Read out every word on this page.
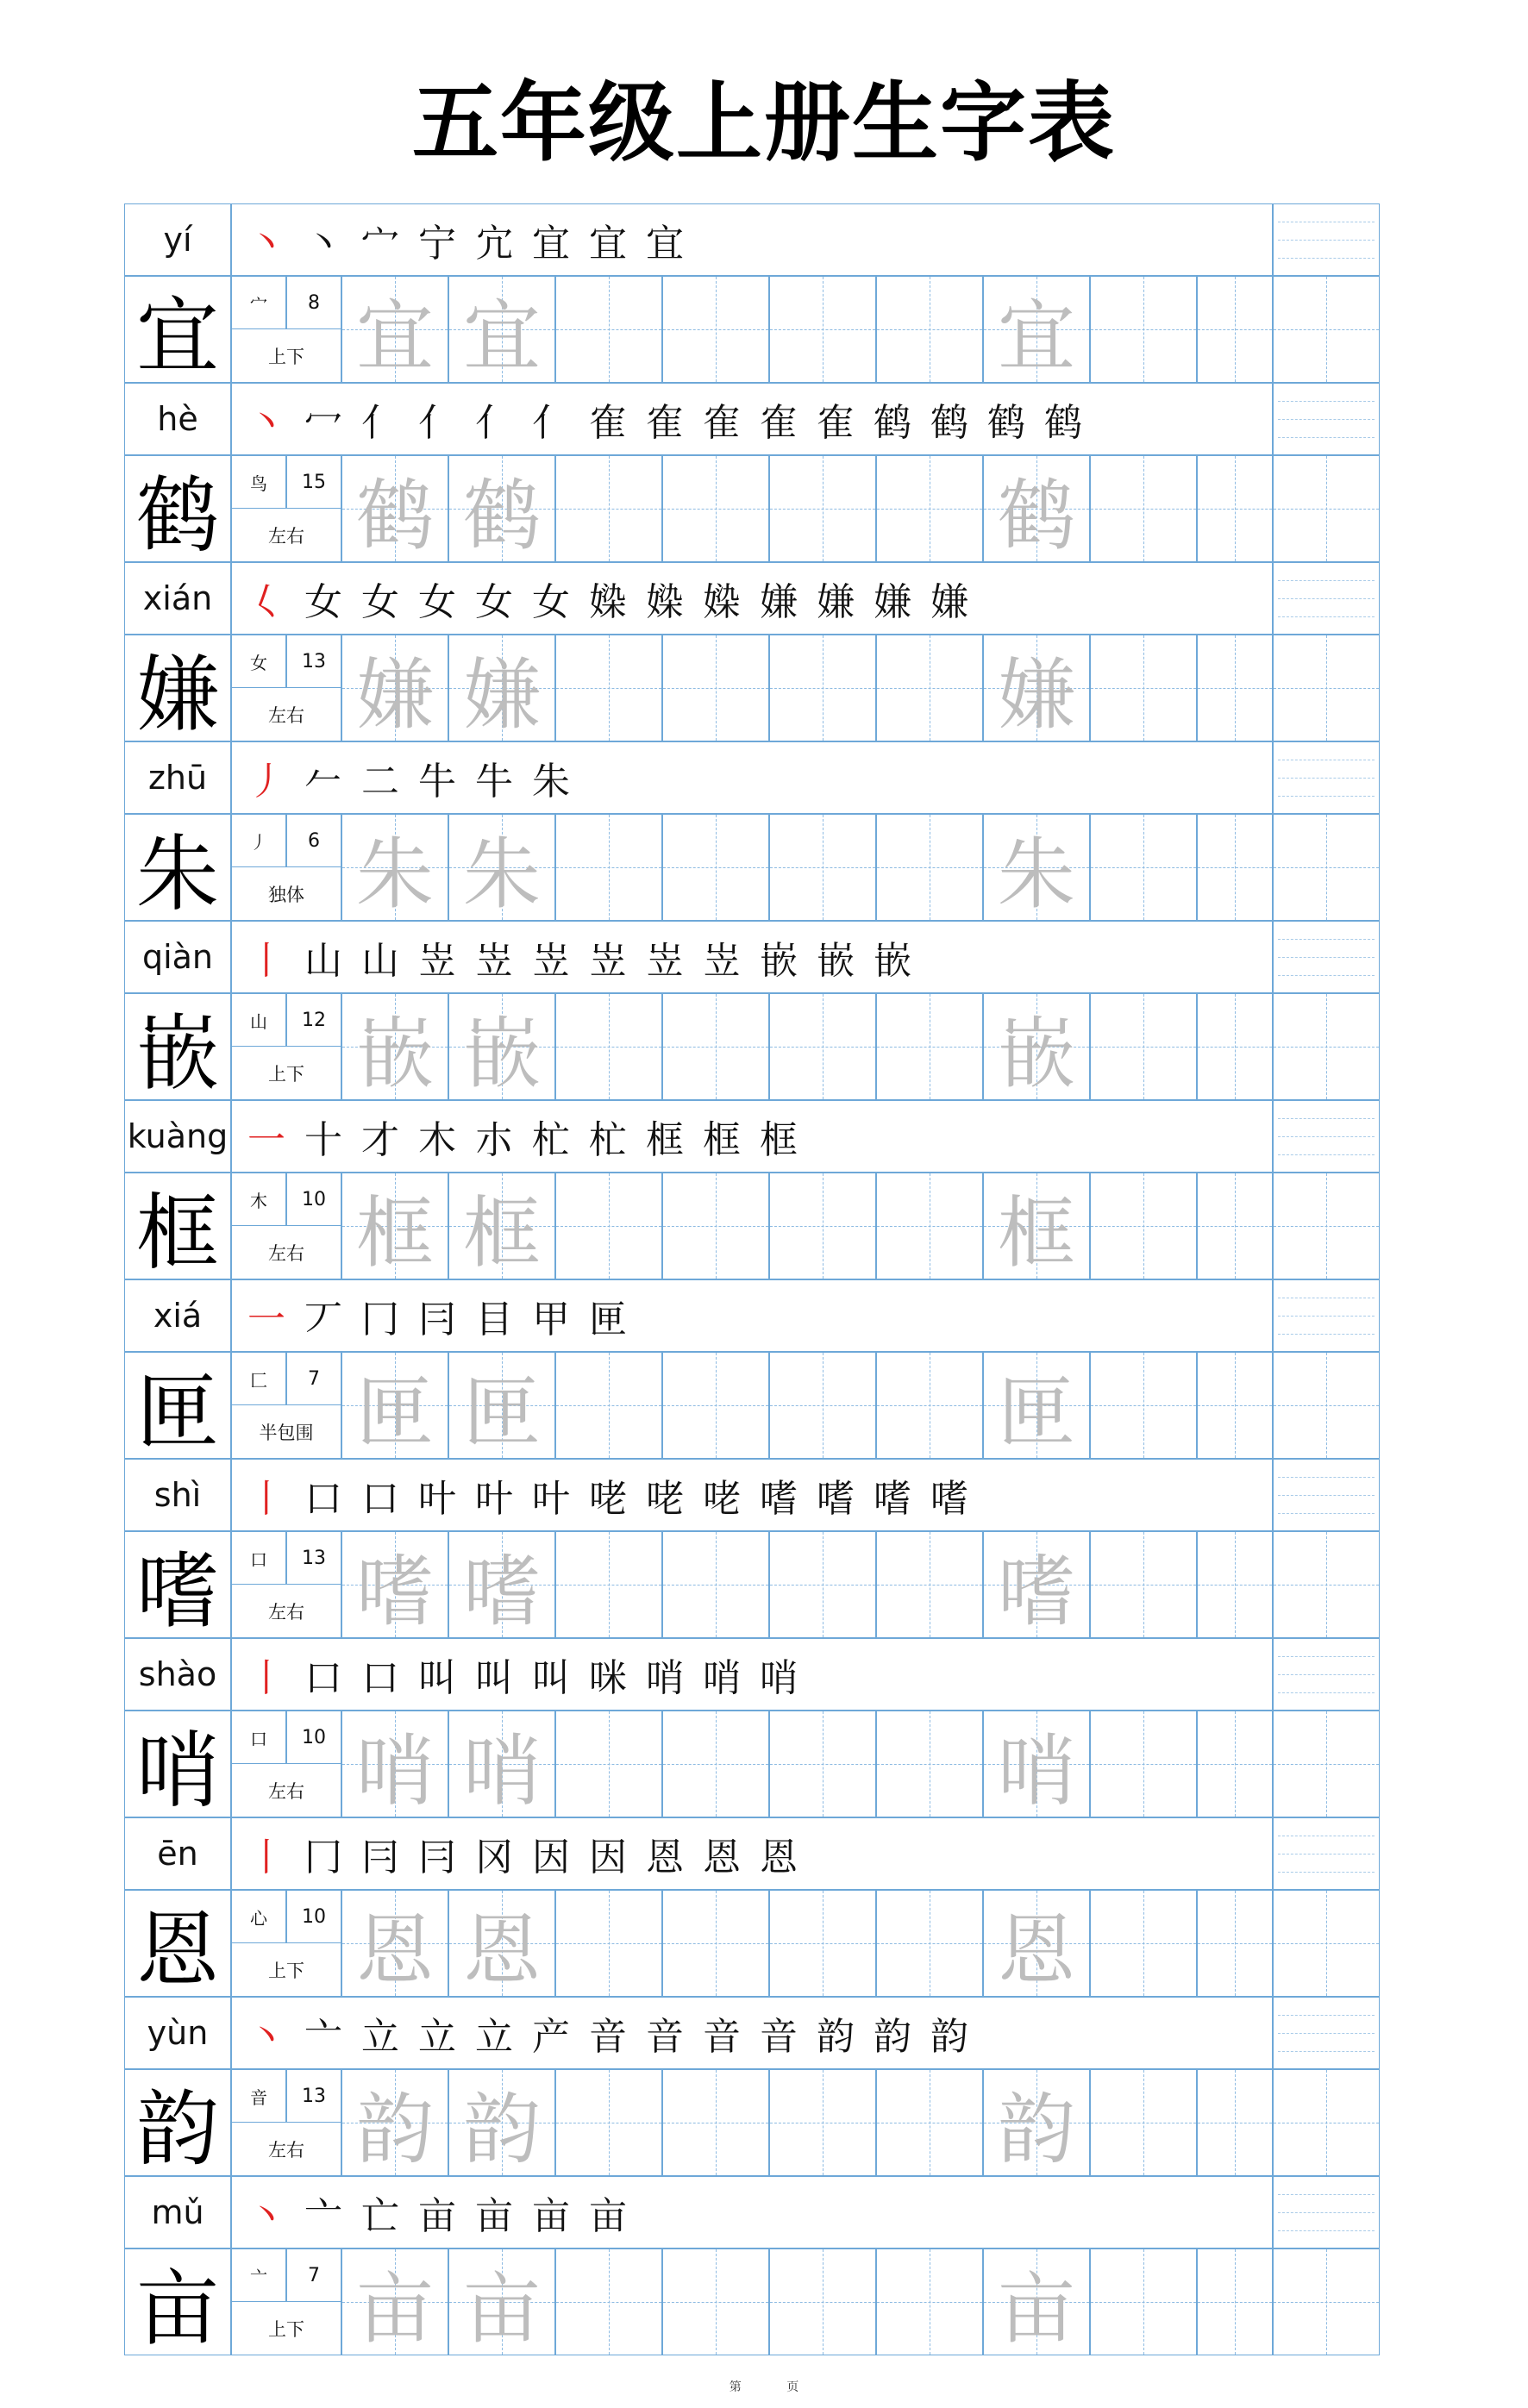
五年级上册生字表
yí	丶 丶 宀 宁 宂 宜 宜 宜
宜	宀	8
上下 宜 宜	宜
hè	丶 冖 亻 亻 亻 亻 隺 隺 隺 隺 隺 鹤 鹤 鹤 鹤
鹤	鸟	15
左右 鹤 鹤	鹤
xián 𡿨 女 女 女 女 女 媣 媣 媣 嫌 嫌 嫌 嫌
嫌	女	13
左右 嫌 嫌	嫌
zhū	丿 𠂉 二 牛 牛 朱
朱	丿	6
独体 朱 朱	朱
qiàn 丨 山 山 岦 岦 岦 岦 岦 岦 嵌 嵌 嵌
嵌	山	12
上下 嵌 嵌	嵌
kuàng 一 十 才 木 朩 杧 杧 框 框 框
框	木	10
左右 框 框	框
xiá	一 丆 冂 冃 目 甲 匣
匣	匚	7
半包围 匣 匣	匣
shì	丨 口 口 叶 叶 叶 咾 咾 咾 嗜 嗜 嗜 嗜
嗜	口	13
左右 嗜 嗜	嗜
shào 丨 口 口 叫 叫 叫 咪 哨 哨 哨
哨	口	10
左右 哨 哨	哨
ēn	丨 冂 冃 冃 冈 因 因 恩 恩 恩
恩	心	10
上下 恩 恩	恩
yùn	丶 亠 立 立 立 产 音 音 音 音 韵 韵 韵
韵	音	13
左右 韵 韵	韵
mǔ	丶 亠 亡 亩 亩 亩 亩
亩	亠	7
上下 亩 亩	亩
第	页
